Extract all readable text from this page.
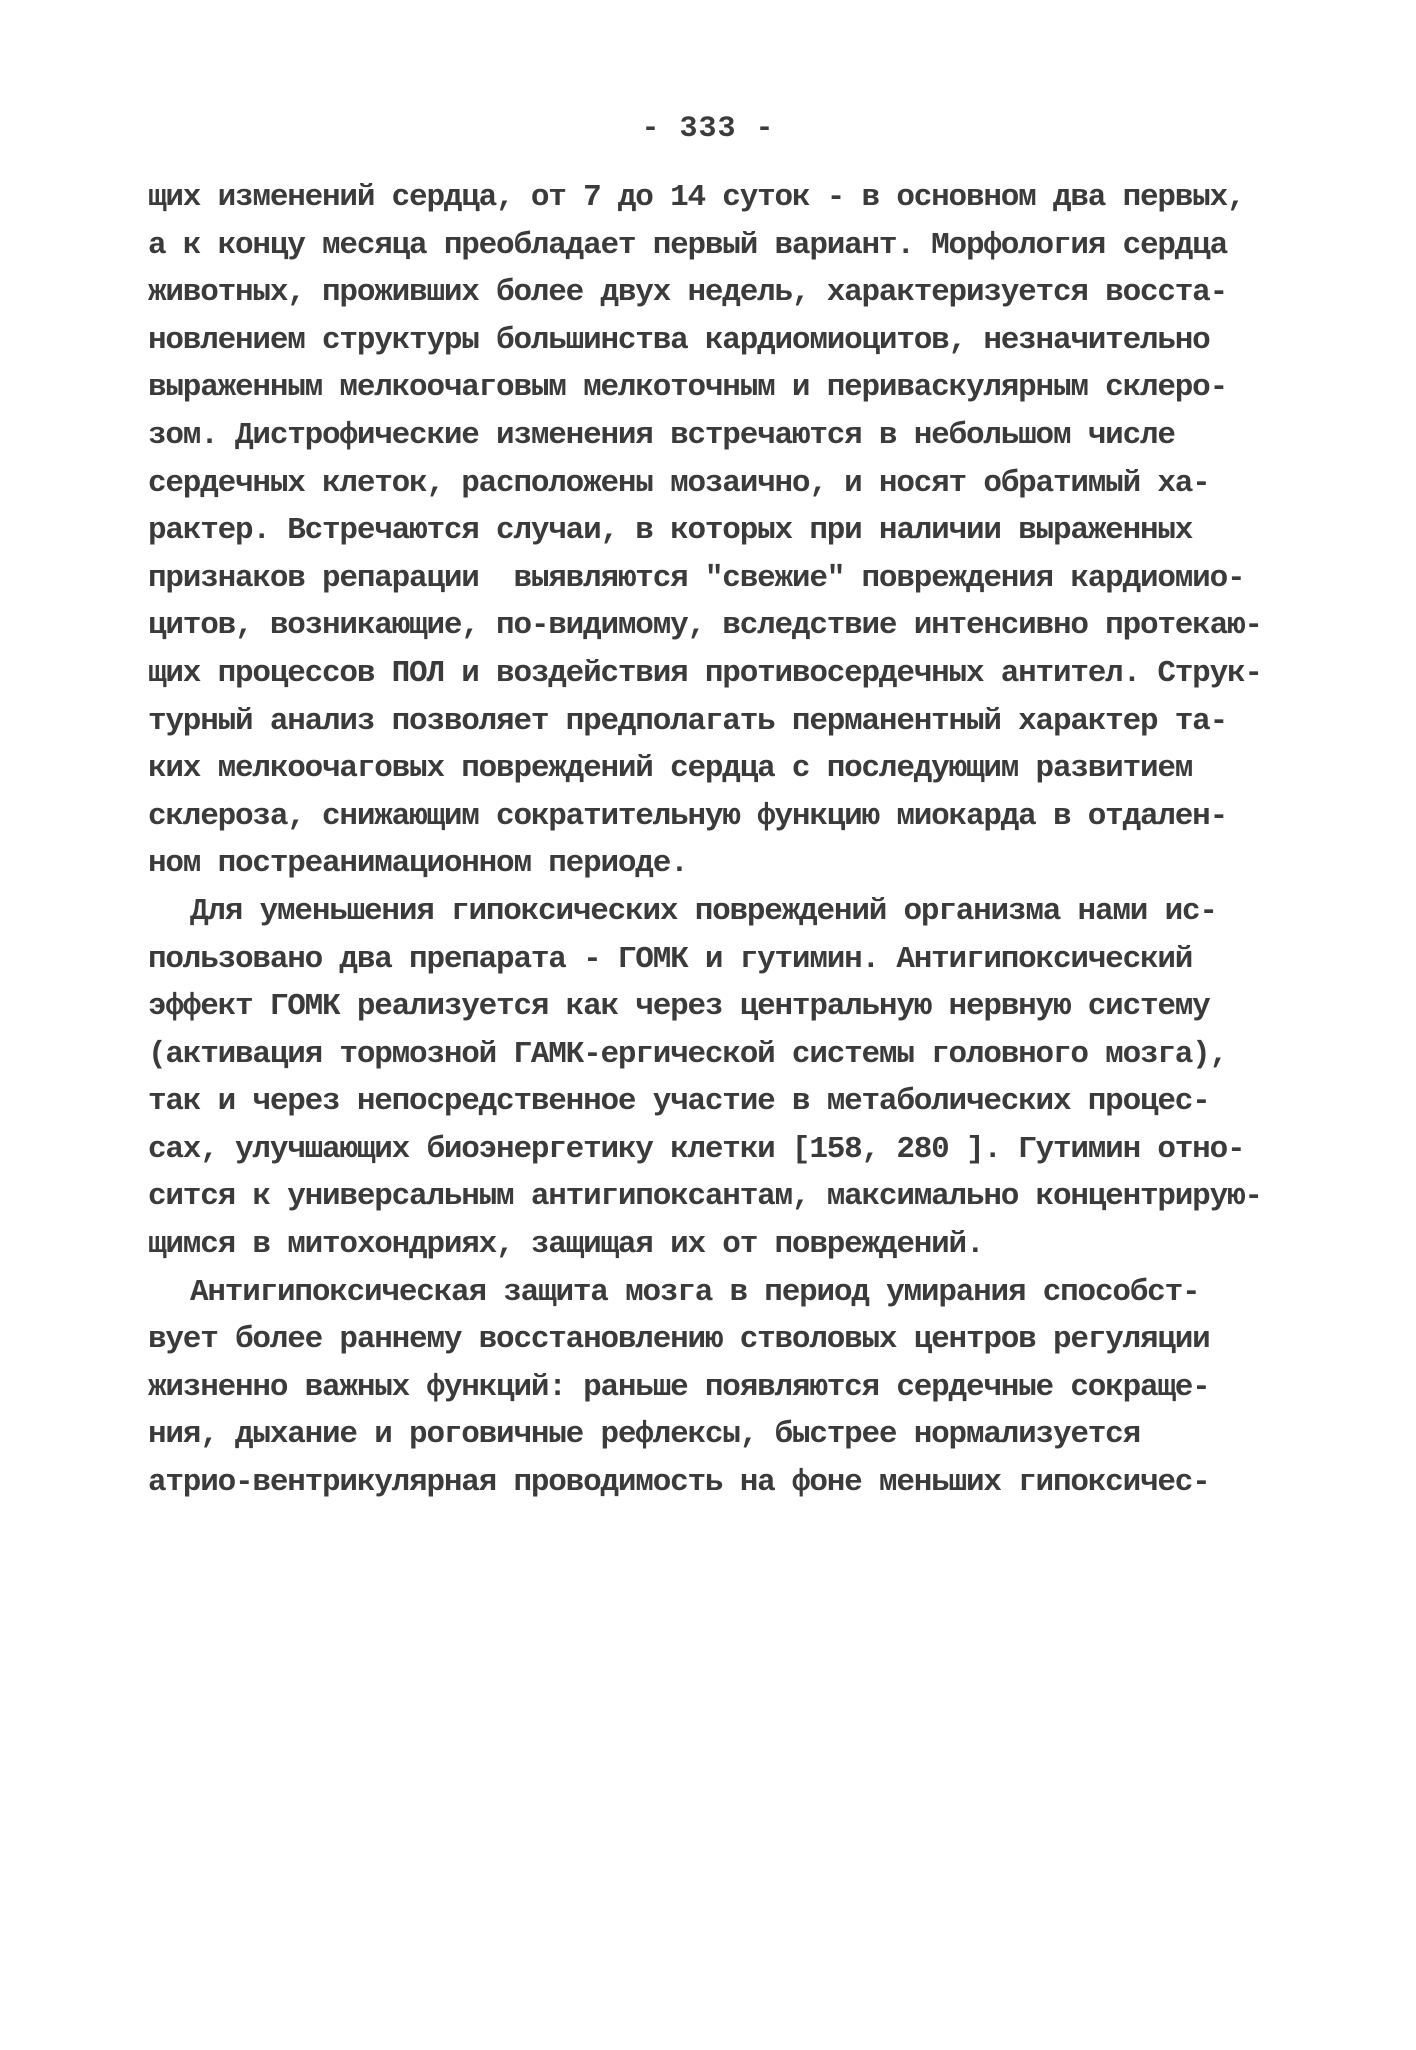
- 333 -
щих изменений сердца, от 7 до 14 суток - в основном два первых,
а к концу месяца преобладает первый вариант. Морфология сердца
животных, проживших более двух недель, характеризуется восста-
новлением структуры большинства кардиомиоцитов, незначительно
выраженным мелкоочаговым мелкоточным и периваскулярным склеро-
зом. Дистрофические изменения встречаются в небольшом числе
сердечных клеток, расположены мозаично, и носят обратимый ха-
рактер. Встречаются случаи, в которых при наличии выраженных
признаков репарации  выявляются "свежие" повреждения кардиомио-
цитов, возникающие, по-видимому, вследствие интенсивно протекаю-
щих процессов ПОЛ и воздействия противосердечных антител. Струк-
турный анализ позволяет предполагать перманентный характер та-
ких мелкоочаговых повреждений сердца с последующим развитием
склероза, снижающим сократительную функцию миокарда в отдален-
ном постреанимационном периоде.
Для уменьшения гипоксических повреждений организма нами ис-
пользовано два препарата - ГОМК и гутимин. Антигипоксический
эффект ГОМК реализуется как через центральную нервную систему
(активация тормозной ГАМК-ергической системы головного мозга),
так и через непосредственное участие в метаболических процес-
сах, улучшающих биоэнергетику клетки [158, 280 ]. Гутимин отно-
сится к универсальным антигипоксантам, максимально концентрирую-
щимся в митохондриях, защищая их от повреждений.
Антигипоксическая защита мозга в период умирания способст-
вует более раннему восстановлению стволовых центров регуляции
жизненно важных функций: раньше появляются сердечные сокраще-
ния, дыхание и роговичные рефлексы, быстрее нормализуется
атрио-вентрикулярная проводимость на фоне меньших гипоксичес-
